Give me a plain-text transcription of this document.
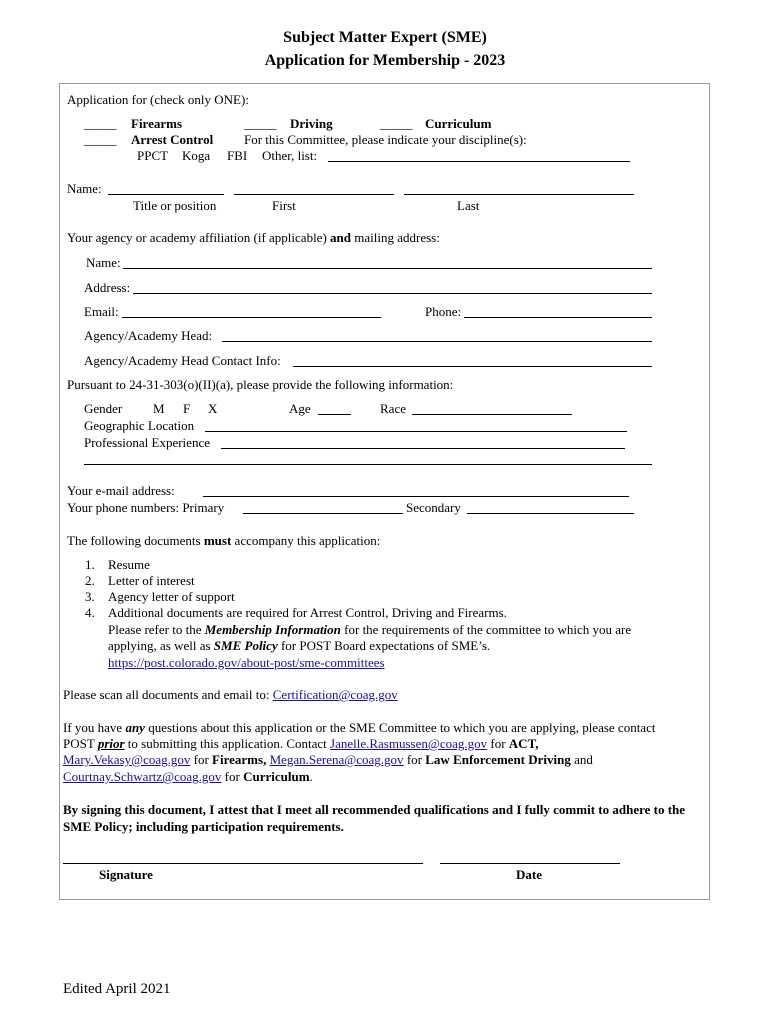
Subject Matter Expert (SME)
Application for Membership - 2023
Application for (check only ONE):
_____ Firearms	_____ Driving	_____ Curriculum
_____ Arrest Control For this Committee, please indicate your discipline(s):
PPCT Koga FBI Other, list:
Name:
Title or position	First	Last
Your agency or academy affiliation (if applicable) and mailing address:
Name:
Address:
Email:	Phone:
Agency/Academy Head:
Agency/Academy Head Contact Info:
Pursuant to 24-31-303(o)(II)(a), please provide the following information:
Gender M F X	Age	Race
Geographic Location
Professional Experience
Your e-mail address:
Your phone numbers: Primary	Secondary
The following documents must accompany this application:
1. Resume
2. Letter of interest
3. Agency letter of support
4. Additional documents are required for Arrest Control, Driving and Firearms.
Please refer to the Membership Information for the requirements of the committee to which you are
applying, as well as SME Policy for POST Board expectations of SME’s.
https://post.colorado.gov/about-post/sme-committees
Please scan all documents and email to: Certification@coag.gov
If you have any questions about this application or the SME Committee to which you are applying, please contact
POST prior to submitting this application. Contact Janelle.Rasmussen@coag.gov for ACT,
Mary.Vekasy@coag.gov for Firearms, Megan.Serena@coag.gov for Law Enforcement Driving and
Courtnay.Schwartz@coag.gov for Curriculum.
By signing this document, I attest that I meet all recommended qualifications and I fully commit to adhere to the SME Policy; including participation requirements.
Signature	Date
Edited April 2021
